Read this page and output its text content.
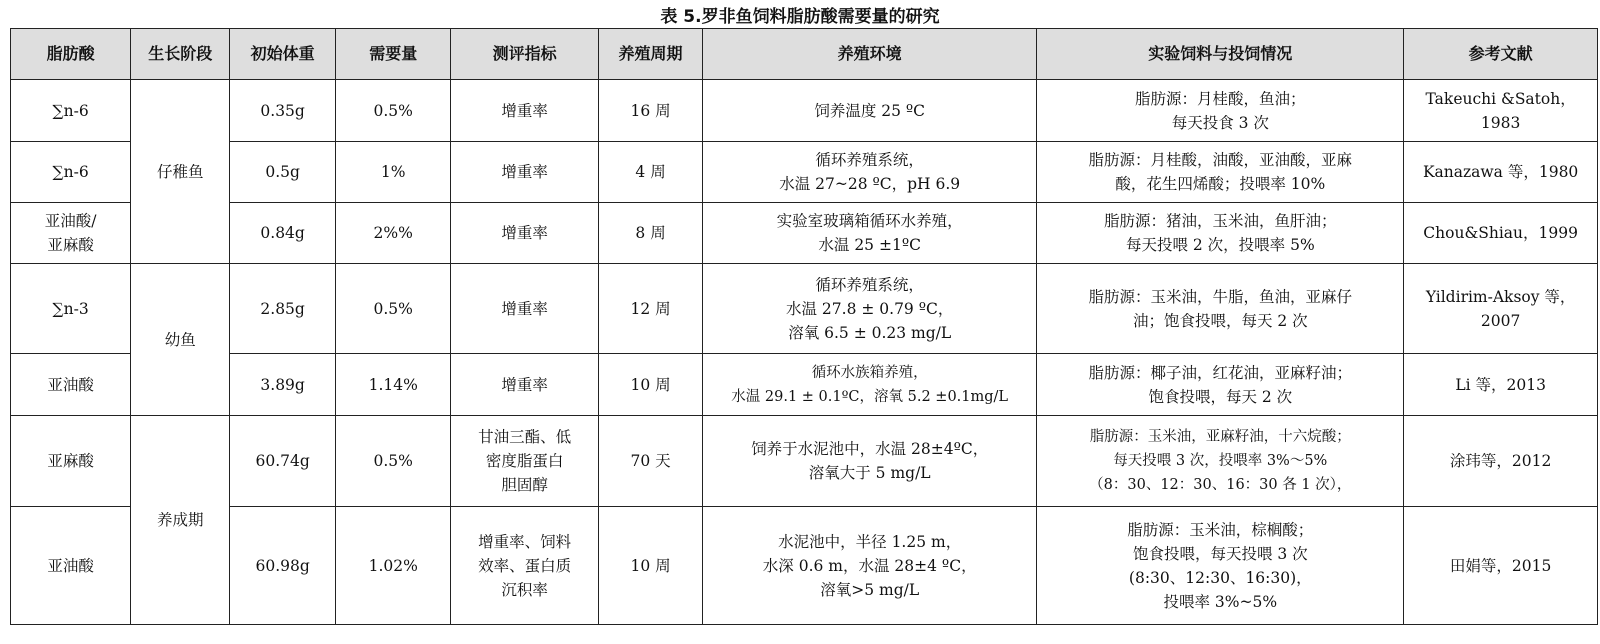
表 5.罗非鱼饲料脂肪酸需要量的研究
脂肪酸	生长阶段	初始体重	需要量	测评指标	养殖周期	养殖环境	实验饲料与投饲情况	参考文献

∑n-6	仔稚鱼	0.35g	0.5%	增重率	16 周	饲养温度 25 ºC	脂肪源：月桂酸，鱼油；
每天投食 3 次	Takeuchi &Satoh，
1983

∑n-6		0.5g	1%	增重率	4 周	循环养殖系统，
水温 27~28 ºC，pH 6.9	脂肪源：月桂酸，油酸，亚油酸，亚麻
酸，花生四烯酸；投喂率 10%	Kanazawa 等，1980

亚油酸/
亚麻酸		0.84g	2%%	增重率	8 周	实验室玻璃箱循环水养殖，
水温 25 ±1ºC	脂肪源：猪油，玉米油，鱼肝油；
每天投喂 2 次，投喂率 5%	Chou&Shiau，1999

∑n-3	幼鱼	2.85g	0.5%	增重率	12 周	循环养殖系统，
水温 27.8 ± 0.79 ºC，
溶氧 6.5 ± 0.23 mg/L	脂肪源：玉米油，牛脂，鱼油，亚麻仔
油；饱食投喂，每天 2 次	Yildirim-Aksoy 等，
2007

亚油酸		3.89g	1.14%	增重率	10 周	循环水族箱养殖，
水温 29.1 ± 0.1ºC，溶氧 5.2 ±0.1mg/L	脂肪源：椰子油，红花油，亚麻籽油；
饱食投喂，每天 2 次	Li 等，2013

亚麻酸	养成期	60.74g	0.5%	甘油三酯、低
密度脂蛋白
胆固醇	70 天	饲养于水泥池中，水温 28±4ºC，
溶氧大于 5 mg/L	脂肪源：玉米油，亚麻籽油，十六烷酸；
每天投喂 3 次，投喂率 3%～5%
（8：30、12：30、16：30 各 1 次），	涂玮等，2012

亚油酸		60.98g	1.02%	增重率、饲料
效率、蛋白质
沉积率	10 周	水泥池中，半径 1.25 m，
水深 0.6 m，水温 28±4 ºC，
溶氧>5 mg/L	脂肪源：玉米油，棕榈酸；
饱食投喂，每天投喂 3 次
(8:30、12:30、16:30)，
投喂率 3%~5%	田娟等，2015
